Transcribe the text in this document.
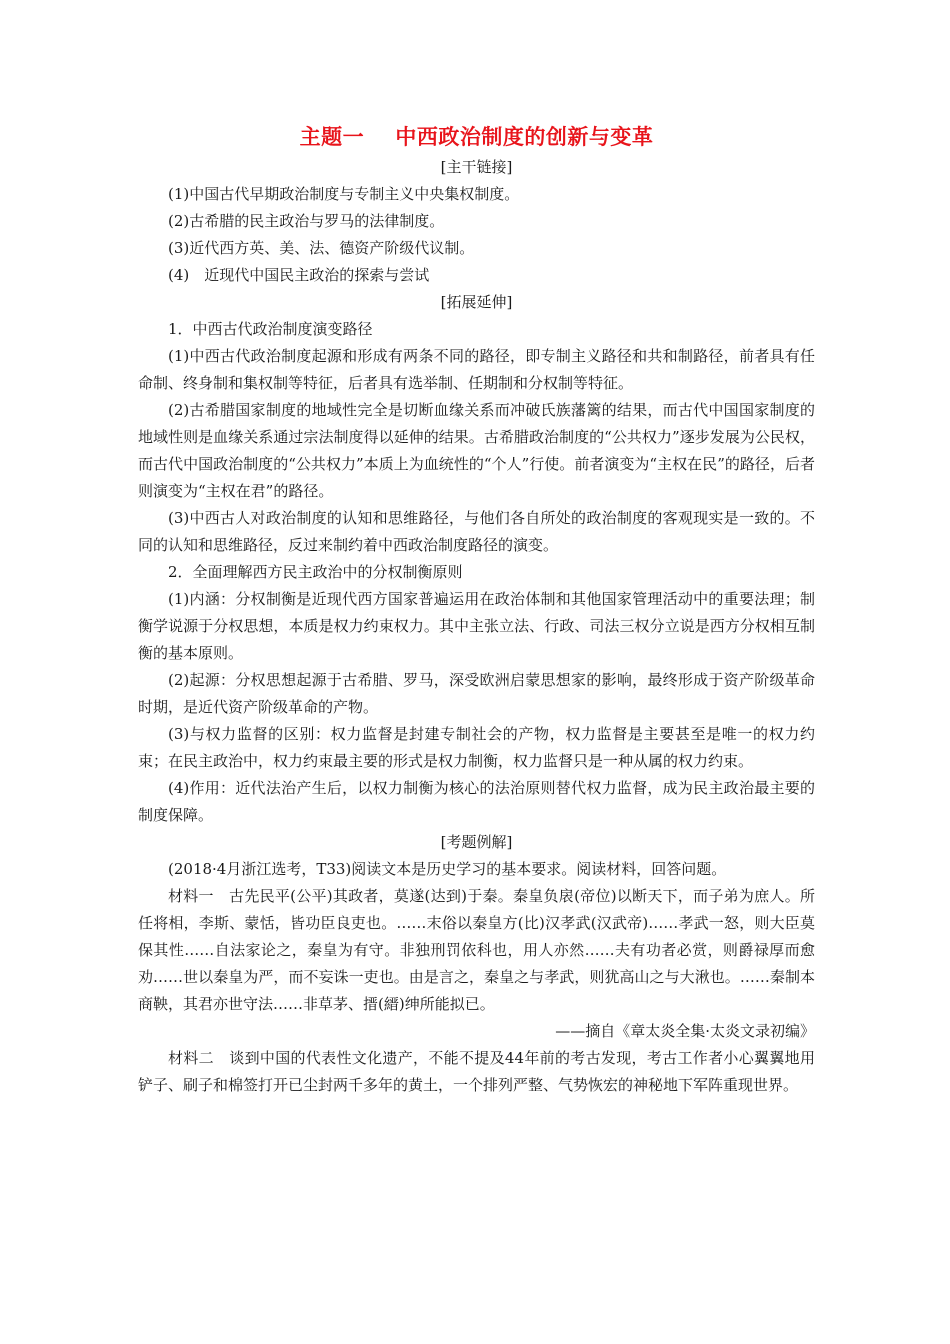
主题一    中西政治制度的创新与变革

[主干链接]

(1)中国古代早期政治制度与专制主义中央集权制度。

(2)古希腊的民主政治与罗马的法律制度。

(3)近代西方英、美、法、德资产阶级代议制。

(4)　近现代中国民主政治的探索与尝试

[拓展延伸]

1．中西古代政治制度演变路径

(1)中西古代政治制度起源和形成有两条不同的路径，即专制主义路径和共和制路径，前者具有任命制、终身制和集权制等特征，后者具有选举制、任期制和分权制等特征。

(2)古希腊国家制度的地域性完全是切断血缘关系而冲破氏族藩篱的结果，而古代中国国家制度的地域性则是血缘关系通过宗法制度得以延伸的结果。古希腊政治制度的“公共权力”逐步发展为公民权，而古代中国政治制度的“公共权力”本质上为血统性的“个人”行使。前者演变为“主权在民”的路径，后者则演变为“主权在君”的路径。

(3)中西古人对政治制度的认知和思维路径，与他们各自所处的政治制度的客观现实是一致的。不同的认知和思维路径，反过来制约着中西政治制度路径的演变。

2．全面理解西方民主政治中的分权制衡原则

(1)内涵：分权制衡是近现代西方国家普遍运用在政治体制和其他国家管理活动中的重要法理；制衡学说源于分权思想，本质是权力约束权力。其中主张立法、行政、司法三权分立说是西方分权相互制衡的基本原则。

(2)起源：分权思想起源于古希腊、罗马，深受欧洲启蒙思想家的影响，最终形成于资产阶级革命时期，是近代资产阶级革命的产物。

(3)与权力监督的区别：权力监督是封建专制社会的产物，权力监督是主要甚至是唯一的权力约束；在民主政治中，权力约束最主要的形式是权力制衡，权力监督只是一种从属的权力约束。

(4)作用：近代法治产生后，以权力制衡为核心的法治原则替代权力监督，成为民主政治最主要的制度保障。

[考题例解]

(2018·4月浙江选考，T33)阅读文本是历史学习的基本要求。阅读材料，回答问题。

材料一　古先民平(公平)其政者，莫遂(达到)于秦。秦皇负扆(帝位)以断天下，而子弟为庶人。所任将相，李斯、蒙恬，皆功臣良吏也。……末俗以秦皇方(比)汉孝武(汉武帝)……孝武一怒，则大臣莫保其性……自法家论之，秦皇为有守。非独刑罚依科也，用人亦然……夫有功者必赏，则爵禄厚而愈劝……世以秦皇为严，而不妄诛一吏也。由是言之，秦皇之与孝武，则犹高山之与大湫也。……秦制本商鞅，其君亦世守法……非草茅、搢(縉)绅所能拟已。

——摘自《章太炎全集·太炎文录初编》

材料二　谈到中国的代表性文化遗产，不能不提及44年前的考古发现，考古工作者小心翼翼地用铲子、刷子和棉签打开已尘封两千多年的黄土，一个排列严整、气势恢宏的神秘地下军阵重现世界。
